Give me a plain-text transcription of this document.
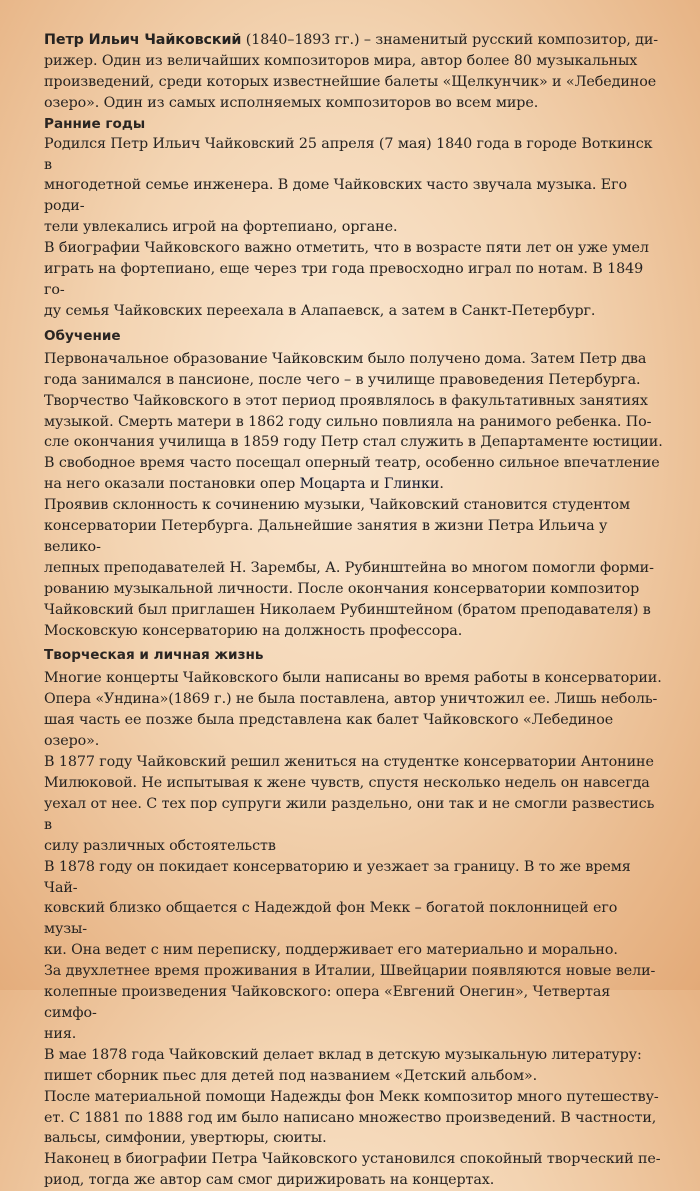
Петр Ильич Чайковский (1840–1893 гг.) – знаменитый русский композитор, ди-
рижер. Один из величайших композиторов мира, автор более 80 музыкальных
произведений, среди которых известнейшие балеты «Щелкунчик» и «Лебединое
озеро». Один из самых исполняемых композиторов во всем мире.

Ранние годы

Родился Петр Ильич Чайковский 25 апреля (7 мая) 1840 года в городе Воткинск в
многодетной семье инженера. В доме Чайковских часто звучала музыка. Его роди-
тели увлекались игрой на фортепиано, органе.

В биографии Чайковского важно отметить, что в возрасте пяти лет он уже умел
играть на фортепиано, еще через три года превосходно играл по нотам. В 1849 го-
ду семья Чайковских переехала в Алапаевск, а затем в Санкт-Петербург.

Обучение

Первоначальное образование Чайковским было получено дома. Затем Петр два
года занимался в пансионе, после чего – в училище правоведения Петербурга.
Творчество Чайковского в этот период проявлялось в факультативных занятиях
музыкой. Смерть матери в 1862 году сильно повлияла на ранимого ребенка. По-
сле окончания училища в 1859 году Петр стал служить в Департаменте юстиции.
В свободное время часто посещал оперный театр, особенно сильное впечатление
на него оказали постановки опер Моцарта и Глинки.

Проявив склонность к сочинению музыки, Чайковский становится студентом
консерватории Петербурга. Дальнейшие занятия в жизни Петра Ильича у велико-
лепных преподавателей Н. Зарембы, А. Рубинштейна во многом помогли форми-
рованию музыкальной личности. После окончания консерватории композитор
Чайковский был приглашен Николаем Рубинштейном (братом преподавателя) в
Московскую консерваторию на должность профессора.

Творческая и личная жизнь

Многие концерты Чайковского были написаны во время работы в консерватории.
Опера «Ундина»(1869 г.) не была поставлена, автор уничтожил ее. Лишь неболь-
шая часть ее позже была представлена как балет Чайковского «Лебединое озеро».
В 1877 году Чайковский решил жениться на студентке консерватории Антонине
Милюковой. Не испытывая к жене чувств, спустя несколько недель он навсегда
уехал от нее. С тех пор супруги жили раздельно, они так и не смогли развестись в
силу различных обстоятельств

В 1878 году он покидает консерваторию и уезжает за границу. В то же время Чай-
ковский близко общается с Надеждой фон Мекк – богатой поклонницей его музы-
ки. Она ведет с ним переписку, поддерживает его материально и морально.

За двухлетнее время проживания в Италии, Швейцарии появляются новые вели-
колепные произведения Чайковского: опера «Евгений Онегин», Четвертая симфо-
ния.

В мае 1878 года Чайковский делает вклад в детскую музыкальную литературу:
пишет сборник пьес для детей под названием «Детский альбом».

После материальной помощи Надежды фон Мекк композитор много путешеству-
ет. С 1881 по 1888 год им было написано множество произведений. В частности,
вальсы, симфонии, увертюры, сюиты.

Наконец в биографии Петра Чайковского установился спокойный творческий пе-
риод, тогда же автор сам смог дирижировать на концертах.
